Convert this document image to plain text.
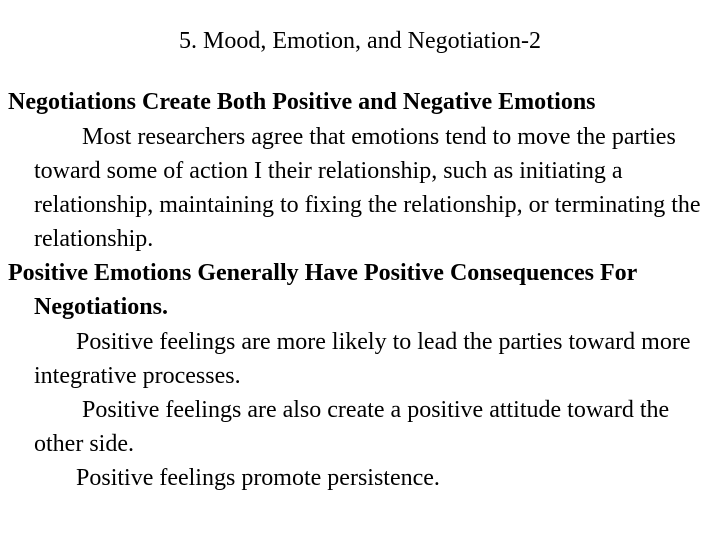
5. Mood, Emotion, and Negotiation-2

Negotiations Create Both Positive and Negative Emotions

Most researchers agree that emotions tend to move the parties toward some of action I their relationship, such as initiating a relationship, maintaining to fixing the relationship, or terminating the relationship.

Positive Emotions Generally Have Positive Consequences For Negotiations.

Positive feelings are more likely to lead the parties toward more integrative processes.

Positive feelings are also create a positive attitude toward the other side.

Positive feelings promote persistence.
